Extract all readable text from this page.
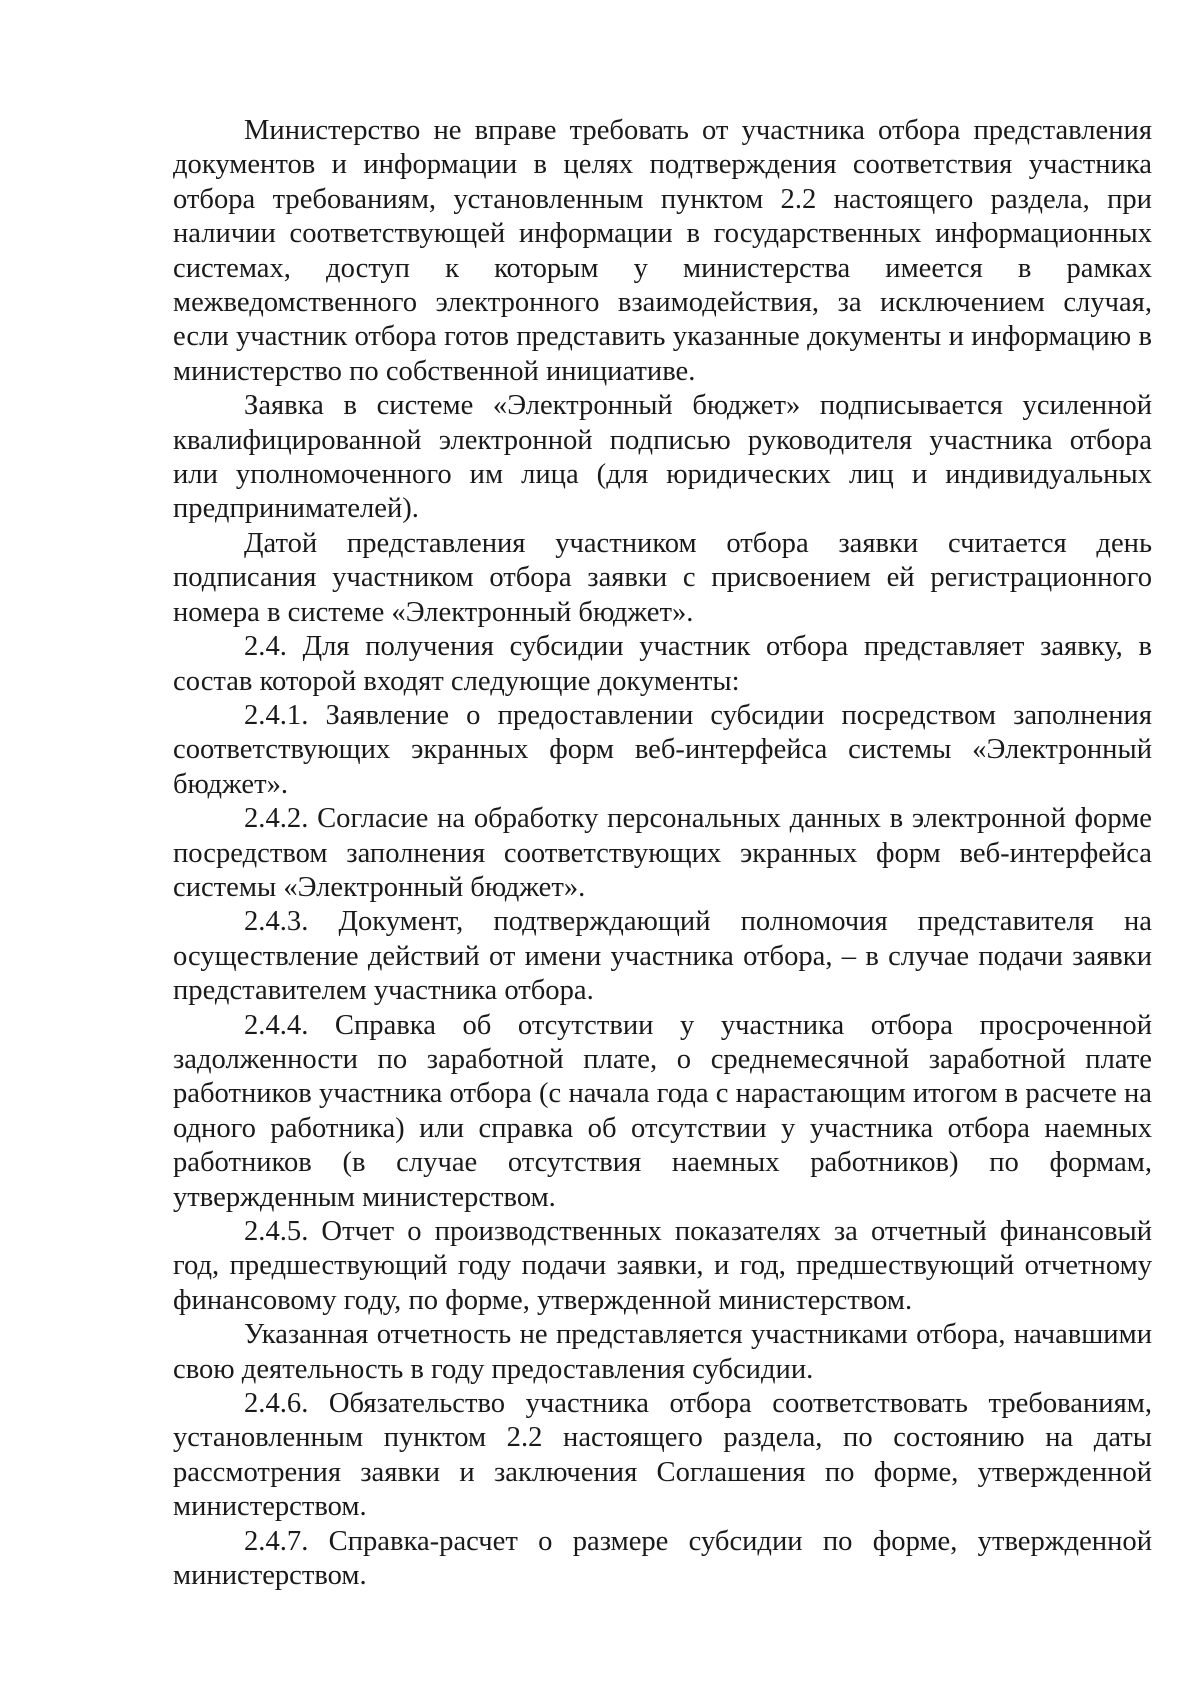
Министерство не вправе требовать от участника отбора представления документов и информации в целях подтверждения соответствия участника отбора требованиям, установленным пунктом 2.2 настоящего раздела, при наличии соответствующей информации в государственных информационных системах, доступ к которым у министерства имеется в рамках межведомственного электронного взаимодействия, за исключением случая, если участник отбора готов представить указанные документы и информацию в министерство по собственной инициативе.

Заявка в системе «Электронный бюджет» подписывается усиленной квалифицированной электронной подписью руководителя участника отбора или уполномоченного им лица (для юридических лиц и индивидуальных предпринимателей).

Датой представления участником отбора заявки считается день подписания участником отбора заявки с присвоением ей регистрационного номера в системе «Электронный бюджет».

2.4. Для получения субсидии участник отбора представляет заявку, в состав которой входят следующие документы:

2.4.1. Заявление о предоставлении субсидии посредством заполнения соответствующих экранных форм веб-интерфейса системы «Электронный бюджет».

2.4.2. Согласие на обработку персональных данных в электронной форме посредством заполнения соответствующих экранных форм веб-интерфейса системы «Электронный бюджет».

2.4.3. Документ, подтверждающий полномочия представителя на осуществление действий от имени участника отбора, – в случае подачи заявки представителем участника отбора.

2.4.4. Справка об отсутствии у участника отбора просроченной задолженности по заработной плате, о среднемесячной заработной плате работников участника отбора (с начала года с нарастающим итогом в расчете на одного работника) или справка об отсутствии у участника отбора наемных работников (в случае отсутствия наемных работников) по формам, утвержденным министерством.

2.4.5. Отчет о производственных показателях за отчетный финансовый год, предшествующий году подачи заявки, и год, предшествующий отчетному финансовому году, по форме, утвержденной министерством.

Указанная отчетность не представляется участниками отбора, начавшими свою деятельность в году предоставления субсидии.

2.4.6. Обязательство участника отбора соответствовать требованиям, установленным пунктом 2.2 настоящего раздела, по состоянию на даты рассмотрения заявки и заключения Соглашения по форме, утвержденной министерством.

2.4.7. Справка-расчет о размере субсидии по форме, утвержденной министерством.
